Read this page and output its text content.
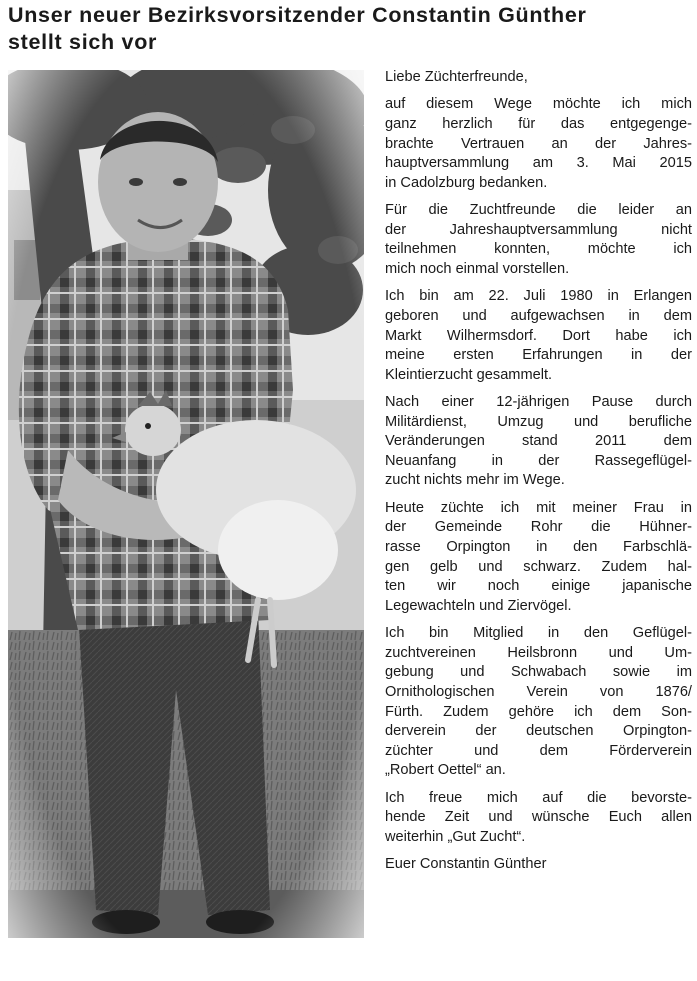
Unser neuer Bezirksvorsitzender Constantin Günther
stellt sich vor

Liebe Züchterfreunde,

auf diesem Wege möchte ich mich
ganz herzlich für das entgegenge-
brachte Vertrauen an der Jahres-
hauptversammlung am 3. Mai 2015
in Cadolzburg bedanken.

Für die Zuchtfreunde die leider an
der Jahreshauptversammlung nicht
teilnehmen konnten, möchte ich
mich noch einmal vorstellen.

Ich bin am 22. Juli 1980 in Erlangen
geboren und aufgewachsen in dem
Markt Wilhermsdorf. Dort habe ich
meine ersten Erfahrungen in der
Kleintierzucht gesammelt.

Nach einer 12-jährigen Pause durch
Militärdienst, Umzug und berufliche
Veränderungen stand 2011 dem
Neuanfang in der Rassegeflügel-
zucht nichts mehr im Wege.

Heute züchte ich mit meiner Frau in
der Gemeinde Rohr die Hühner-
rasse Orpington in den Farbschlä-
gen gelb und schwarz. Zudem hal-
ten wir noch einige japanische
Legewachteln und Ziervögel.

Ich bin Mitglied in den Geflügel-
zuchtvereinen Heilsbronn und Um-
gebung und Schwabach sowie im
Ornithologischen Verein von 1876/
Fürth. Zudem gehöre ich dem Son-
derverein der deutschen Orpington-
züchter und dem Förderverein
„Robert Oettel“ an.

Ich freue mich auf die bevorste-
hende Zeit und wünsche Euch allen
weiterhin „Gut Zucht“.

Euer Constantin Günther
